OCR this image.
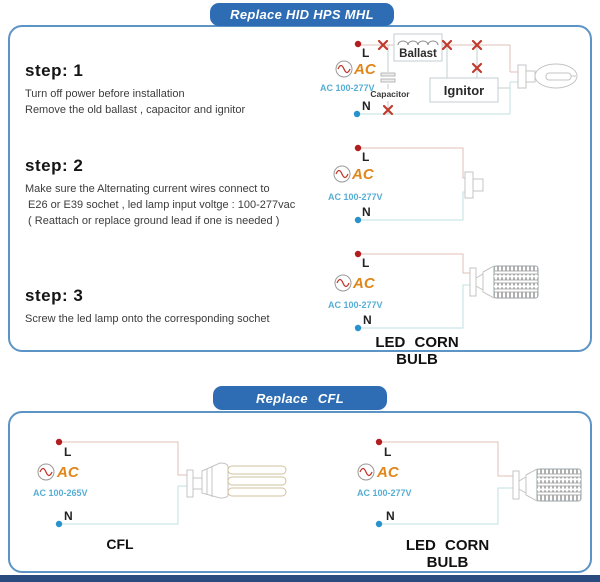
Replace HID HPS MHL
step: 1
Turn off power before installation
Remove the old ballast , capacitor and ignitor
step: 2
Make sure the Alternating current wires connect to
E26 or E39 sochet , led lamp input voltge : 100-277vac
( Reattach or replace ground lead if one is needed )
step: 3
Screw the led lamp onto the corresponding sochet
AC
AC 100-277V
L
N
Ballast
Capacitor	Ignitor
AC
AC 100-277V
L
N
AC
AC 100-277V
L
N
LED CORN BULB
Replace CFL
AC
AC 100-265V
L
N
CFL
AC
AC 100-277V
L
N
LED CORN BULB
